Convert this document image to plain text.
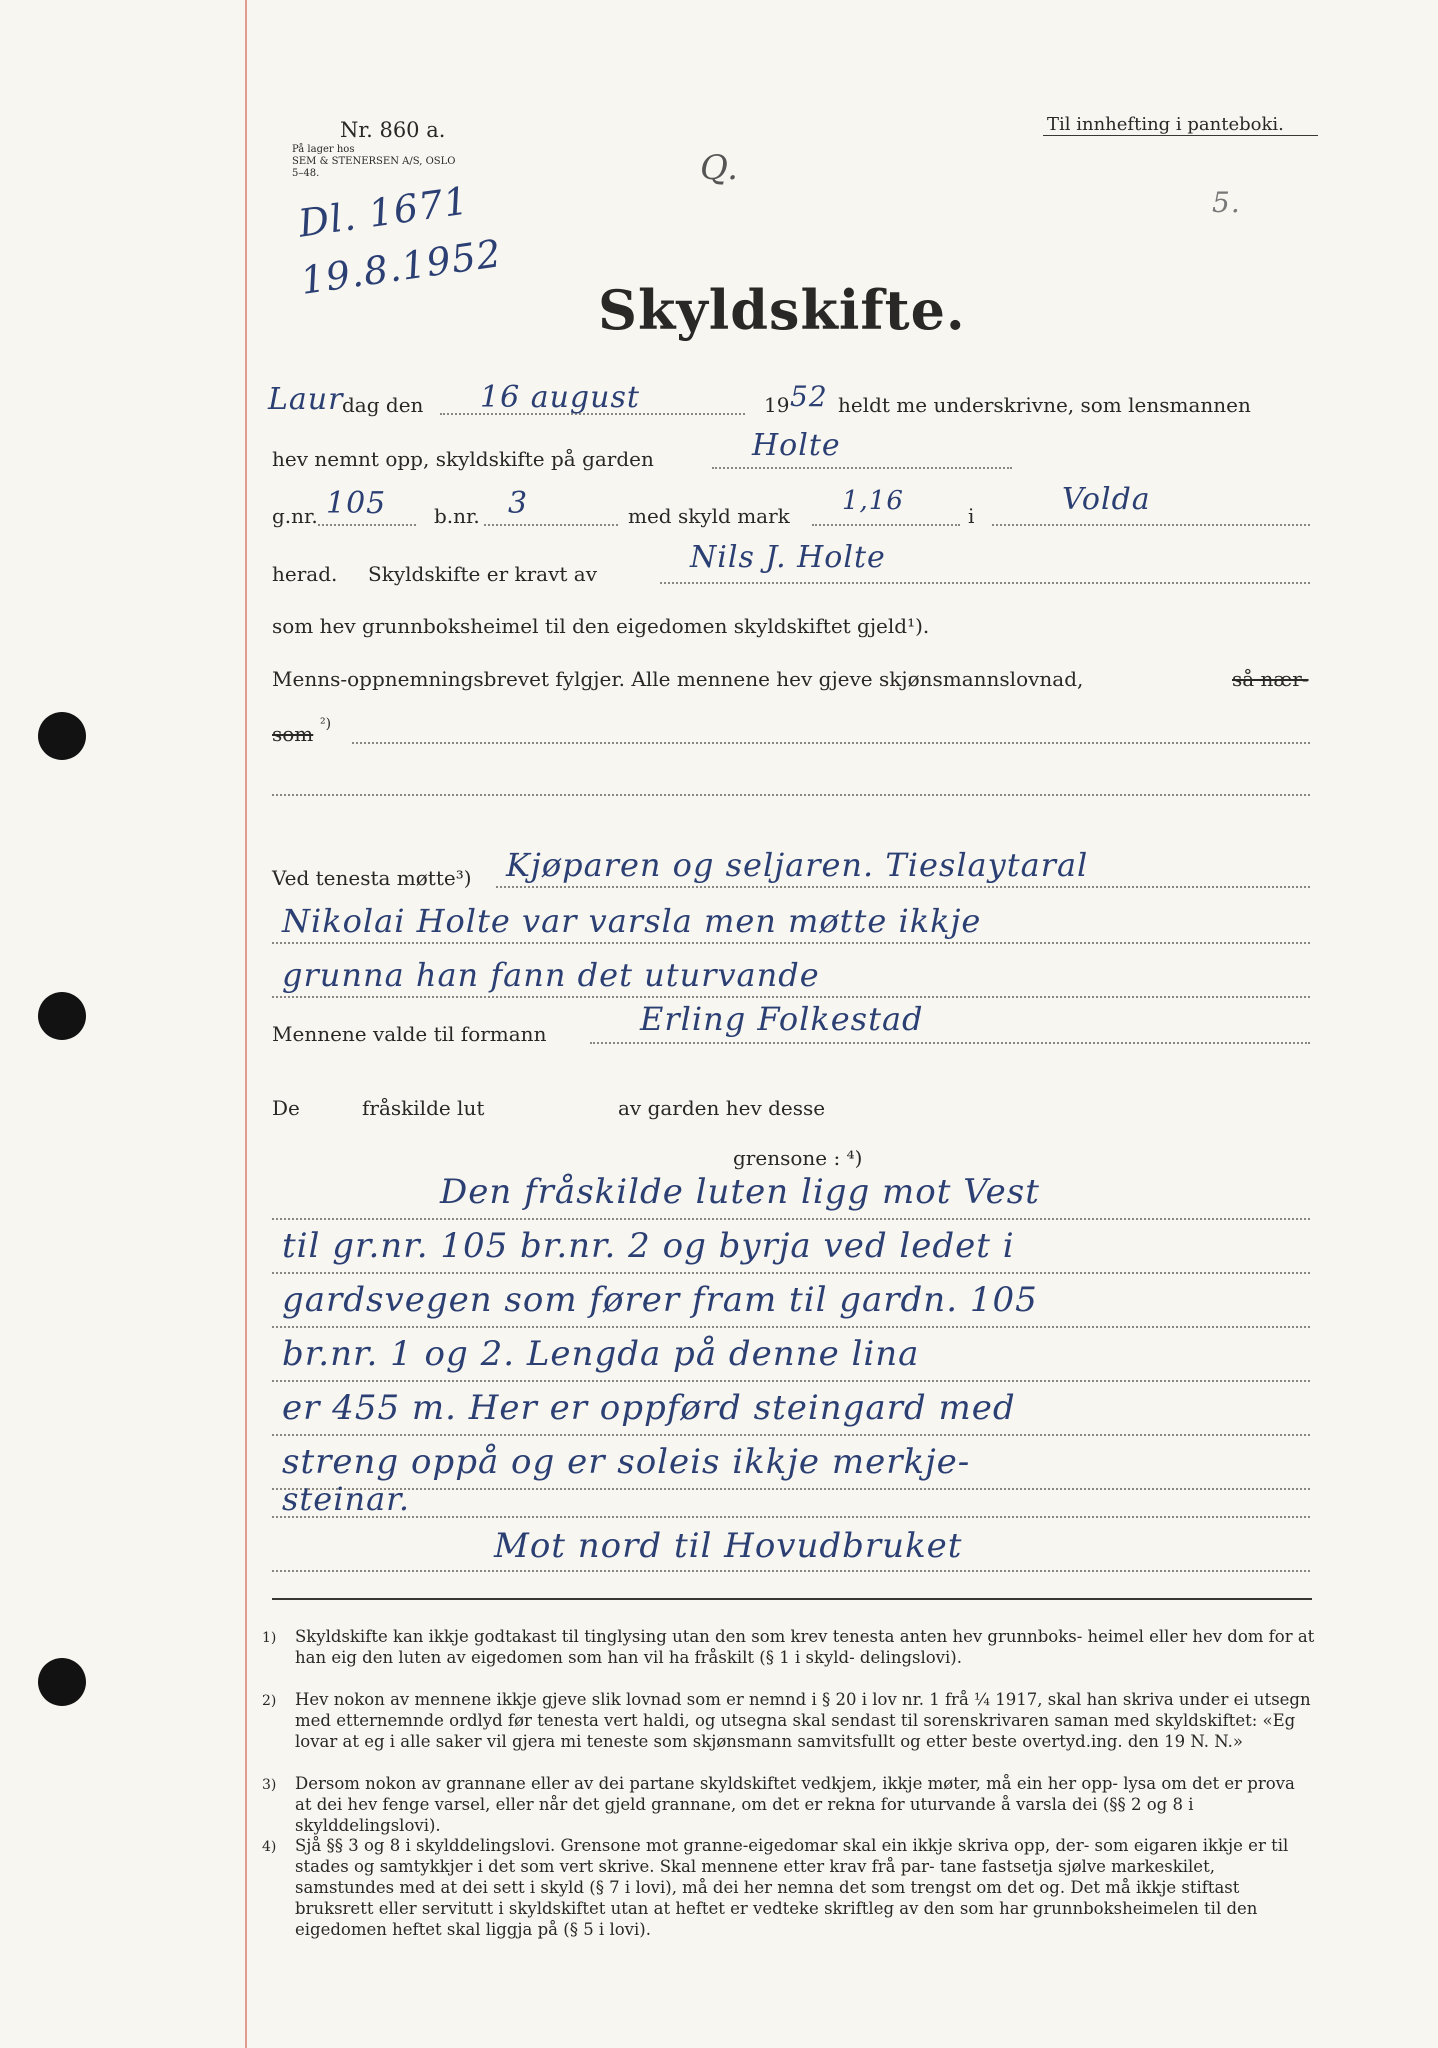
Nr. 860 a.
På lager hos
SEM & STENERSEN A/S, OSLO
5–48.
Til innhefting i panteboki.
Dl. 1671
19.8.1952
Q.
5.
Skyldskifte.
Laur
dag den 16 august	19 52 heldt me underskrivne, som lensmannen
hev nemnt opp, skyldskifte på garden	Holte
g.nr. 105 b.nr. 3	med skyld mark 1,16	i	Volda
herad. Skyldskifte er kravt av	Nils J. Holte
som hev grunnboksheimel til den eigedomen skyldskiftet gjeld¹).
Menns-oppnemningsbrevet fylgjer. Alle mennene hev gjeve skjønsmannslovnad,	så nær-
som ²)
Ved tenesta møtte³) Kjøparen og seljaren. Tieslaytaral
Nikolai Holte var varsla men møtte ikkje
grunna han fann det uturvande
Mennene valde til formann	Erling Folkestad
De	fråskilde lut	av garden hev desse
grensone : ⁴)
Den fråskilde luten ligg mot Vest
til gr.nr. 105 br.nr. 2 og byrja ved ledet i
gardsvegen som fører fram til gardn. 105
br.nr. 1 og 2. Lengda på denne lina
er 455 m. Her er oppførd steingard med
streng oppå og er soleis ikkje merkje-
steinar.
Mot nord til Hovudbruket
1) Skyldskifte kan ikkje godtakast til tinglysing utan den som krev tenesta anten hev grunnboks- heimel eller hev dom for at han eig den luten av eigedomen som han vil ha fråskilt (§ 1 i skyld- delingslovi).
2) Hev nokon av mennene ikkje gjeve slik lovnad som er nemnd i § 20 i lov nr. 1 frå ¼ 1917, skal han skriva under ei utsegn med etternemnde ordlyd før tenesta vert haldi, og utsegna skal sendast til sorenskrivaren saman med skyldskiftet: «Eg lovar at eg i alle saker vil gjera mi teneste som skjønsmann samvitsfullt og etter beste overtyd.ing. den 19 N. N.»
3) Dersom nokon av grannane eller av dei partane skyldskiftet vedkjem, ikkje møter, må ein her opp- lysa om det er prova at dei hev fenge varsel, eller når det gjeld grannane, om det er rekna for uturvande å varsla dei (§§ 2 og 8 i skylddelingslovi).
4) Sjå §§ 3 og 8 i skylddelingslovi. Grensone mot granne-eigedomar skal ein ikkje skriva opp, der- som eigaren ikkje er til stades og samtykkjer i det som vert skrive. Skal mennene etter krav frå par- tane fastsetja sjølve markeskilet, samstundes med at dei sett i skyld (§ 7 i lovi), må dei her nemna det som trengst om det og. Det må ikkje stiftast bruksrett eller servitutt i skyldskiftet utan at heftet er vedteke skriftleg av den som har grunnboksheimelen til den eigedomen heftet skal liggja på (§ 5 i lovi).
